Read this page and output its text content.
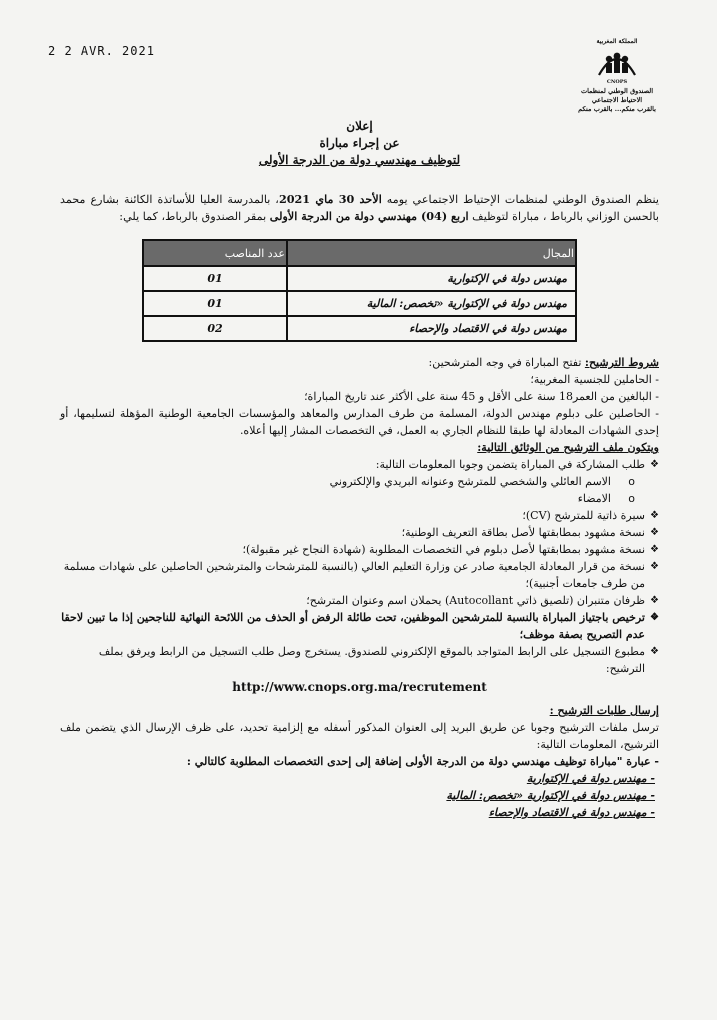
2 2 AVR. 2021
المملكة المغربية
CNOPS
الصندوق الوطني لمنظمات
الاحتياط الاجتماعي
بالقرب منكم... بالقرب منكم
إعلان
عن إجراء مباراة
لتوظيف مهندسي دولة من الدرجة الأولى

ينظم الصندوق الوطني لمنظمات الإحتياط الاجتماعي يومه الأحد 30 ماي 2021، بالمدرسة العليا للأساتذة الكائنة بشارع محمد بالحسن الوزاني بالرباط ، مباراة لتوظيف اربع (04) مهندسي دولة من الدرجة الأولى بمقر الصندوق بالرباط، كما يلي:

المجال	عدد المناصب
مهندس دولة في الإكتوارية	01
مهندس دولة في الإكتوارية «تخصص: المالية	01
مهندس دولة في الاقتصاد والإحصاء	02

شروط الترشيح: تفتح المباراة في وجه المترشحين:

- الحاملين للجنسية المغربية؛

- البالغين من العمر18 سنة على الأقل و 45 سنة على الأكثر عند تاريخ المباراة؛

- الحاصلين على دبلوم مهندس الدولة، المسلمة من طرف المدارس والمعاهد والمؤسسات الجامعية الوطنية المؤهلة لتسليمها، أو إحدى الشهادات المعادلة لها طبقا للنظام الجاري به العمل، في التخصصات المشار إليها أعلاه.

ويتكون ملف الترشيح من الوثائق التالية:

❖ طلب المشاركة في المباراة يتضمن وجوبا المعلومات التالية:

o الاسم العائلي والشخصي للمترشح وعنوانه البريدي والإلكتروني

o الامضاء

❖ سيرة ذاتية للمترشح (CV)؛

❖ نسخة مشهود بمطابقتها لأصل بطاقة التعريف الوطنية؛

❖ نسخة مشهود بمطابقتها لأصل دبلوم في التخصصات المطلوبة (شهادة النجاح غير مقبولة)؛

❖ نسخة من قرار المعادلة الجامعية صادر عن وزارة التعليم العالي (بالنسبة للمترشحات والمترشحين الحاصلين على شهادات مسلمة من طرف جامعات أجنبية)؛

❖ ظرفان متنبران (تلصيق ذاتي Autocollant) يحملان اسم وعنوان المترشح؛

❖ ترخيص باجتياز المباراة بالنسبة للمترشحين الموظفين، تحت طائلة الرفض أو الحذف من اللائحة النهائية للناجحين إذا ما تبين لاحقا عدم التصريح بصفة موظف؛

❖ مطبوع التسجيل على الرابط المتواجد بالموقع الإلكتروني للصندوق. يستخرج وصل طلب التسجيل من الرابط ويرفق بملف الترشيح:

http://www.cnops.org.ma/recrutement

إرسال طلبات الترشيح :

ترسل ملفات الترشيح وجوبا عن طريق البريد إلى العنوان المذكور أسفله مع إلزامية تحديد، على ظرف الإرسال الذي يتضمن ملف الترشيح، المعلومات التالية:

- عبارة "مباراة توظيف مهندسي دولة من الدرجة الأولى إضافة إلى إحدى التخصصات المطلوبة كالتالي :

- مهندس دولة في الإكتوارية

- مهندس دولة في الإكتوارية «تخصص: المالية

- مهندس دولة في الاقتصاد والإحصاء
